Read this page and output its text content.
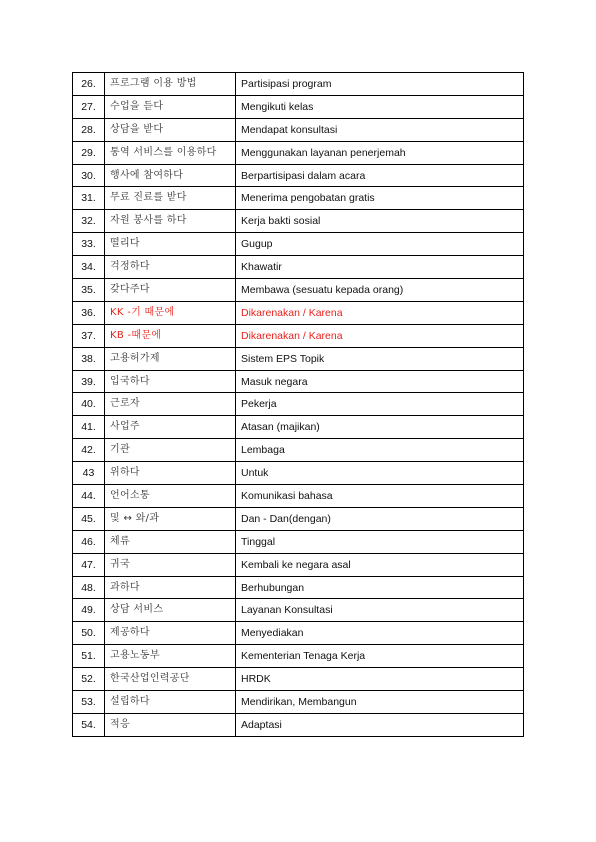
26.	프로그램 이용 방법	Partisipasi program
27.	수업을 듣다	Mengikuti kelas
28.	상담을 받다	Mendapat konsultasi
29.	통역 서비스를 이용하다	Menggunakan layanan penerjemah
30.	행사에 참여하다	Berpartisipasi dalam acara
31.	무료 진료를 받다	Menerima pengobatan gratis
32.	자원 봉사를 하다	Kerja bakti sosial
33.	떨리다	Gugup
34.	걱정하다	Khawatir
35.	갖다주다	Membawa (sesuatu kepada orang)
36.	KK -기 때문에	Dikarenakan / Karena
37.	KB -때문에	Dikarenakan / Karena
38.	고용허가제	Sistem EPS Topik
39.	입국하다	Masuk negara
40.	근로자	Pekerja
41.	사업주	Atasan (majikan)
42.	기관	Lembaga
43	위하다	Untuk
44.	언어소통	Komunikasi bahasa
45.	및 ↔ 와/과	Dan - Dan(dengan)
46.	체류	Tinggal
47.	귀국	Kembali ke negara asal
48.	과하다	Berhubungan
49.	상담 서비스	Layanan Konsultasi
50.	제공하다	Menyediakan
51.	고용노동부	Kementerian Tenaga Kerja
52.	한국산업인력공단	HRDK
53.	설립하다	Mendirikan, Membangun
54.	적응	Adaptasi
